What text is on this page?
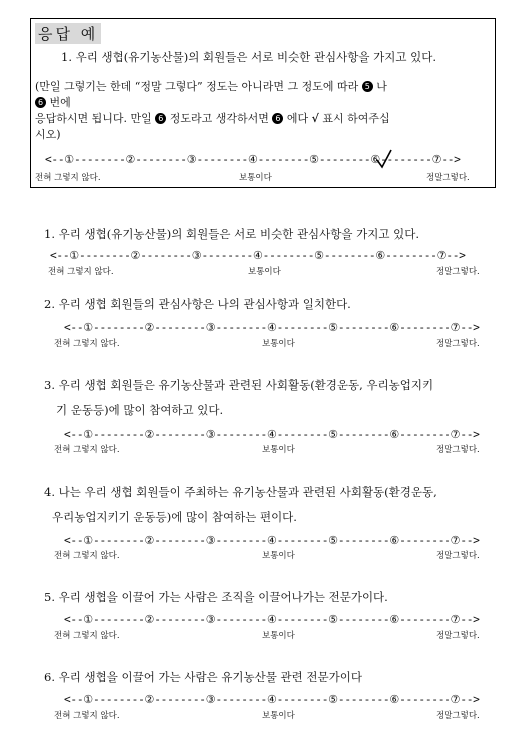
응답 예
1. 우리 생협(유기농산물)의 회원들은 서로 비슷한 관심사항을 가지고 있다.
(만일 그렇기는 한데 “정말 그렇다” 정도는 아니라면 그 정도에 따라 5 나
6 번에
응답하시면 됩니다. 만일 6 정도라고 생각하서면 6 에다 √ 표시 하여주십
시오)
<--①--------②--------③--------④--------⑤--------⑥--------⑦-->
전혀 그렇지 않다.	보통이다	정말그렇다.
1. 우리 생협(유기농산물)의 회원들은 서로 비슷한 관심사항을 가지고 있다.
<--①--------②--------③--------④--------⑤--------⑥--------⑦-->
전혀 그렇지 않다.	보통이다	정말그렇다.
2. 우리 생협 회원들의 관심사항은 나의 관심사항과 일치한다.
<--①--------②--------③--------④--------⑤--------⑥--------⑦-->
전혀 그렇지 않다.	보통이다	정말그렇다.
3. 우리 생협 회원들은 유기농산물과 관련된 사회활동(환경운동, 우리농업지키
기 운동등)에 많이 참여하고 있다.
<--①--------②--------③--------④--------⑤--------⑥--------⑦-->
전혀 그렇지 않다.	보통이다	정말그렇다.
4. 나는 우리 생협 회원들이 주최하는 유기농산물과 관련된 사회활동(환경운동,
우리농업지키기 운동등)에 많이 참여하는 편이다.
<--①--------②--------③--------④--------⑤--------⑥--------⑦-->
전혀 그렇지 않다.	보통이다	정말그렇다.
5. 우리 생협을 이끌어 가는 사람은 조직을 이끌어나가는 전문가이다.
<--①--------②--------③--------④--------⑤--------⑥--------⑦-->
전혀 그렇지 않다.	보통이다	정말그렇다.
6. 우리 생협을 이끌어 가는 사람은 유기농산물 관련 전문가이다
<--①--------②--------③--------④--------⑤--------⑥--------⑦-->
전혀 그렇지 않다.	보통이다	정말그렇다.
